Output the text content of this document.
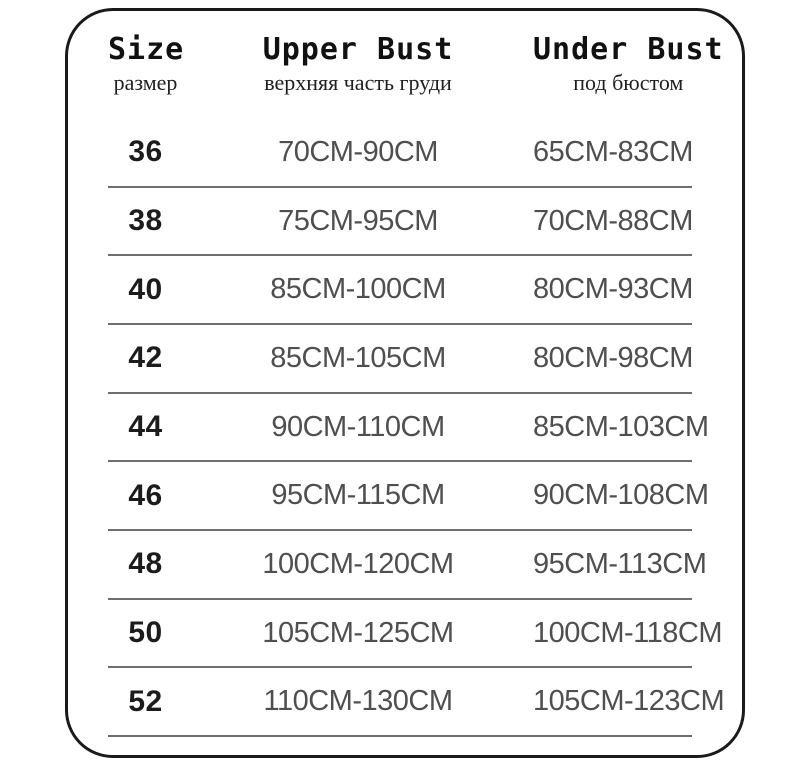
Size
размер
Upper Bust
верхняя часть груди
Under Bust
под бюстом
36	70CM-90CM	65CM-83CM
38	75CM-95CM	70CM-88CM
40	85CM-100CM	80CM-93CM
42	85CM-105CM	80CM-98CM
44	90CM-110CM	85CM-103CM
46	95CM-115CM	90CM-108CM
48	100CM-120CM	95CM-113CM
50	105CM-125CM	100CM-118CM
52	110CM-130CM	105CM-123CM
